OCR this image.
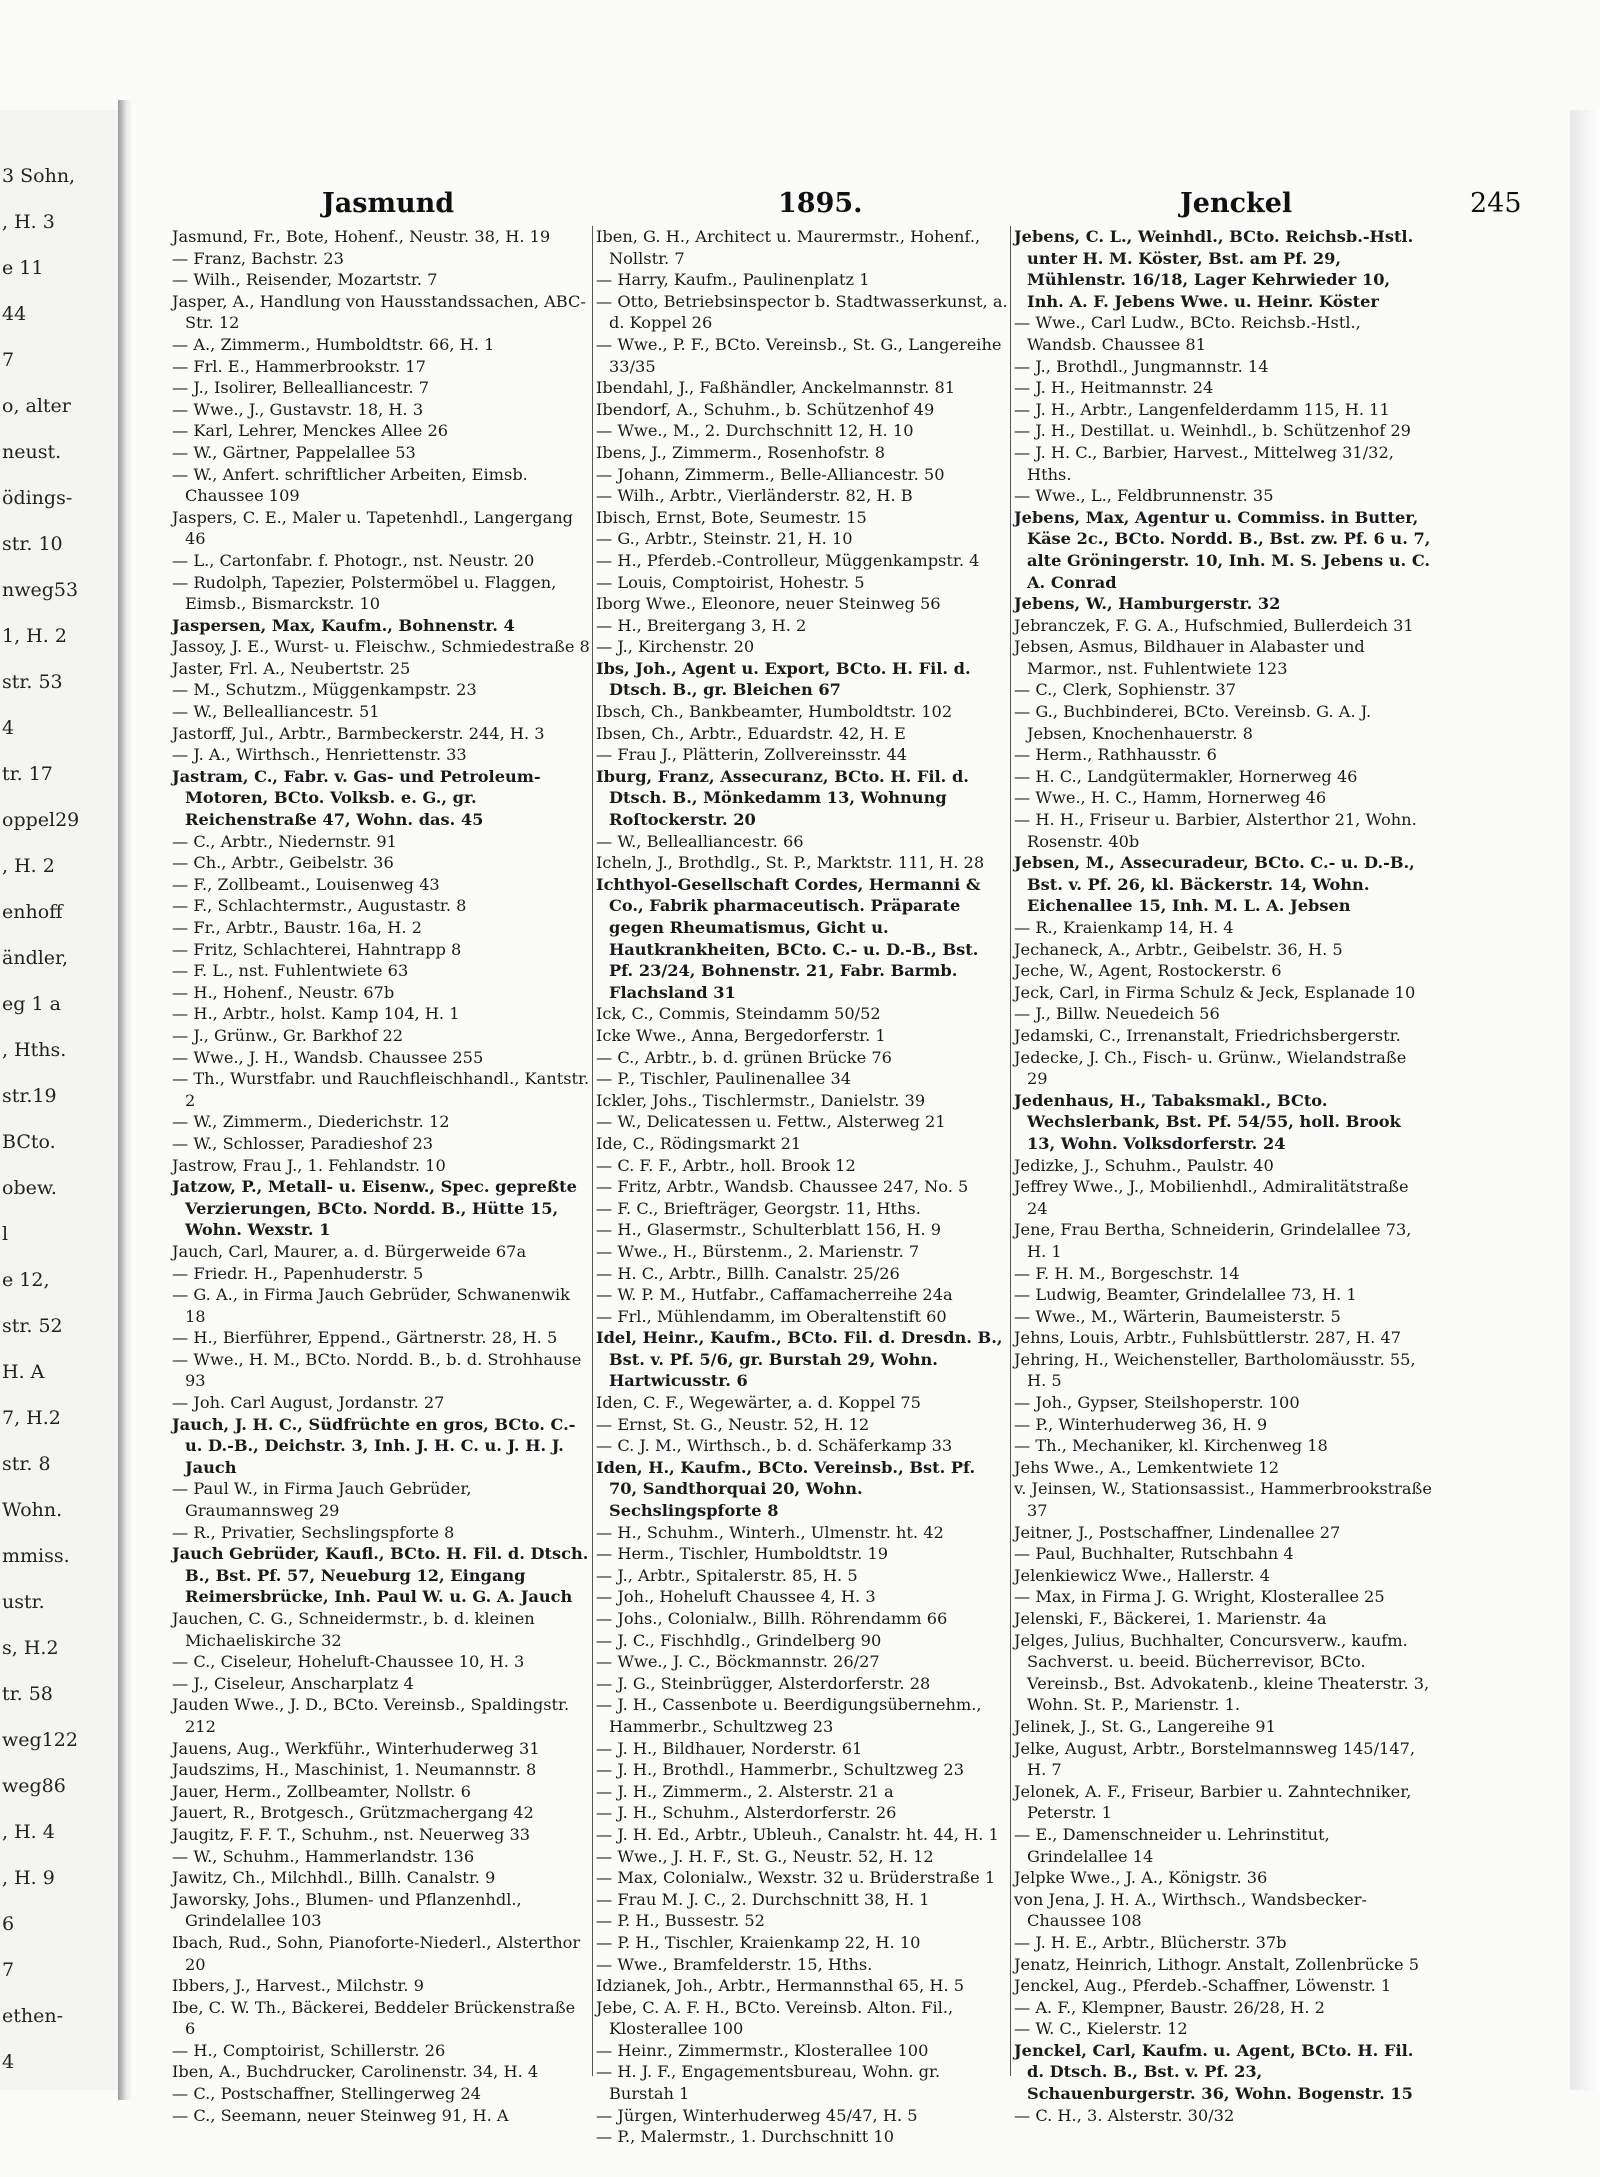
3 Sohn,
, H. 3
e 11
44
7
o, alter
neust.
ödings-
str. 10
nweg53
1, H. 2
str. 53
4
tr. 17
oppel29
, H. 2
enhoff
ändler,
eg 1 a
, Hths.
str.19
BCto.
obew.
l
e 12,
str. 52
H. A
7, H.2
str. 8
Wohn.
mmiss.
ustr.
s, H.2
tr. 58
weg122
weg86
, H. 4
, H. 9
6
7
ethen-
4
Jasmund	1895.	Jenckel	245

Jasmund, Fr., Bote, Hohenf., Neustr. 38, H. 19

— Franz, Bachstr. 23

— Wilh., Reisender, Mozartstr. 7

Jasper, A., Handlung von Hausstandssachen, ABC-Str. 12

— A., Zimmerm., Humboldtstr. 66, H. 1

— Frl. E., Hammerbrookstr. 17

— J., Isolirer, Bellealliancestr. 7

— Wwe., J., Gustavstr. 18, H. 3

— Karl, Lehrer, Menckes Allee 26

— W., Gärtner, Pappelallee 53

— W., Anfert. schriftlicher Arbeiten, Eimsb. Chaussee 109

Jaspers, C. E., Maler u. Tapetenhdl., Langergang 46

— L., Cartonfabr. f. Photogr., nst. Neustr. 20

— Rudolph, Tapezier, Polstermöbel u. Flaggen, Eimsb., Bismarckstr. 10

Jaspersen, Max, Kaufm., Bohnenstr. 4

Jassoy, J. E., Wurst- u. Fleischw., Schmiedestraße 8

Jaster, Frl. A., Neubertstr. 25

— M., Schutzm., Müggenkampstr. 23

— W., Bellealliancestr. 51

Jastorff, Jul., Arbtr., Barmbeckerstr. 244, H. 3

— J. A., Wirthsch., Henriettenstr. 33

Jastram, C., Fabr. v. Gas- und Petroleum-Motoren, BCto. Volksb. e. G., gr. Reichenstraße 47, Wohn. das. 45

— C., Arbtr., Niedernstr. 91

— Ch., Arbtr., Geibelstr. 36

— F., Zollbeamt., Louisenweg 43

— F., Schlachtermstr., Augustastr. 8

— Fr., Arbtr., Baustr. 16a, H. 2

— Fritz, Schlachterei, Hahntrapp 8

— F. L., nst. Fuhlentwiete 63

— H., Hohenf., Neustr. 67b

— H., Arbtr., holst. Kamp 104, H. 1

— J., Grünw., Gr. Barkhof 22

— Wwe., J. H., Wandsb. Chaussee 255

— Th., Wurstfabr. und Rauchfleischhandl., Kantstr. 2

— W., Zimmerm., Diederichstr. 12

— W., Schlosser, Paradieshof 23

Jastrow, Frau J., 1. Fehlandstr. 10

Jatzow, P., Metall- u. Eisenw., Spec. gepreßte Verzierungen, BCto. Nordd. B., Hütte 15, Wohn. Wexstr. 1

Jauch, Carl, Maurer, a. d. Bürgerweide 67a

— Friedr. H., Papenhuderstr. 5

— G. A., in Firma Jauch Gebrüder, Schwanenwik 18

— H., Bierführer, Eppend., Gärtnerstr. 28, H. 5

— Wwe., H. M., BCto. Nordd. B., b. d. Strohhause 93

— Joh. Carl August, Jordanstr. 27

Jauch, J. H. C., Südfrüchte en gros, BCto. C.- u. D.-B., Deichstr. 3, Inh. J. H. C. u. J. H. J. Jauch

— Paul W., in Firma Jauch Gebrüder, Graumannsweg 29

— R., Privatier, Sechslingspforte 8

Jauch Gebrüder, Kaufl., BCto. H. Fil. d. Dtsch. B., Bst. Pf. 57, Neueburg 12, Eingang Reimersbrücke, Inh. Paul W. u. G. A. Jauch

Jauchen, C. G., Schneidermstr., b. d. kleinen Michaeliskirche 32

— C., Ciseleur, Hoheluft-Chaussee 10, H. 3

— J., Ciseleur, Anscharplatz 4

Jauden Wwe., J. D., BCto. Vereinsb., Spaldingstr. 212

Jauens, Aug., Werkführ., Winterhuderweg 31

Jaudszims, H., Maschinist, 1. Neumannstr. 8

Jauer, Herm., Zollbeamter, Nollstr. 6

Jauert, R., Brotgesch., Grützmachergang 42

Jaugitz, F. F. T., Schuhm., nst. Neuerweg 33

— W., Schuhm., Hammerlandstr. 136

Jawitz, Ch., Milchhdl., Billh. Canalstr. 9

Jaworsky, Johs., Blumen- und Pflanzenhdl., Grindelallee 103

Ibach, Rud., Sohn, Pianoforte-Niederl., Alsterthor 20

Ibbers, J., Harvest., Milchstr. 9

Ibe, C. W. Th., Bäckerei, Beddeler Brückenstraße 6

— H., Comptoirist, Schillerstr. 26

Iben, A., Buchdrucker, Carolinenstr. 34, H. 4

— C., Postschaffner, Stellingerweg 24

— C., Seemann, neuer Steinweg 91, H. A

Iben, G. H., Architect u. Maurermstr., Hohenf., Nollstr. 7

— Harry, Kaufm., Paulinenplatz 1

— Otto, Betriebsinspector b. Stadtwasserkunst, a. d. Koppel 26

— Wwe., P. F., BCto. Vereinsb., St. G., Langereihe 33/35

Ibendahl, J., Faßhändler, Anckelmannstr. 81

Ibendorf, A., Schuhm., b. Schützenhof 49

— Wwe., M., 2. Durchschnitt 12, H. 10

Ibens, J., Zimmerm., Rosenhofstr. 8

— Johann, Zimmerm., Belle-Alliancestr. 50

— Wilh., Arbtr., Vierländerstr. 82, H. B

Ibisch, Ernst, Bote, Seumestr. 15

— G., Arbtr., Steinstr. 21, H. 10

— H., Pferdeb.-Controlleur, Müggenkampstr. 4

— Louis, Comptoirist, Hohestr. 5

Iborg Wwe., Eleonore, neuer Steinweg 56

— H., Breitergang 3, H. 2

— J., Kirchenstr. 20

Ibs, Joh., Agent u. Export, BCto. H. Fil. d. Dtsch. B., gr. Bleichen 67

Ibsch, Ch., Bankbeamter, Humboldtstr. 102

Ibsen, Ch., Arbtr., Eduardstr. 42, H. E

— Frau J., Plätterin, Zollvereinsstr. 44

Iburg, Franz, Assecuranz, BCto. H. Fil. d. Dtsch. B., Mönkedamm 13, Wohnung Roſtockerstr. 20

— W., Bellealliancestr. 66

Icheln, J., Brothdlg., St. P., Marktstr. 111, H. 28

Ichthyol-Gesellschaft Cordes, Hermanni & Co., Fabrik pharmaceutisch. Präparate gegen Rheumatismus, Gicht u. Hautkrankheiten, BCto. C.- u. D.-B., Bst. Pf. 23/24, Bohnenstr. 21, Fabr. Barmb. Flachsland 31

Ick, C., Commis, Steindamm 50/52

Icke Wwe., Anna, Bergedorferstr. 1

— C., Arbtr., b. d. grünen Brücke 76

— P., Tischler, Paulinenallee 34

Ickler, Johs., Tischlermstr., Danielstr. 39

— W., Delicatessen u. Fettw., Alsterweg 21

Ide, C., Rödingsmarkt 21

— C. F. F., Arbtr., holl. Brook 12

— Fritz, Arbtr., Wandsb. Chaussee 247, No. 5

— F. C., Briefträger, Georgstr. 11, Hths.

— H., Glasermstr., Schulterblatt 156, H. 9

— Wwe., H., Bürstenm., 2. Marienstr. 7

— H. C., Arbtr., Billh. Canalstr. 25/26

— W. P. M., Hutfabr., Caffamacherreihe 24a

— Frl., Mühlendamm, im Oberaltenstift 60

Idel, Heinr., Kaufm., BCto. Fil. d. Dresdn. B., Bst. v. Pf. 5/6, gr. Burstah 29, Wohn. Hartwicusstr. 6

Iden, C. F., Wegewärter, a. d. Koppel 75

— Ernst, St. G., Neustr. 52, H. 12

— C. J. M., Wirthsch., b. d. Schäferkamp 33

Iden, H., Kaufm., BCto. Vereinsb., Bst. Pf. 70, Sandthorquai 20, Wohn. Sechslingspforte 8

— H., Schuhm., Winterh., Ulmenstr. ht. 42

— Herm., Tischler, Humboldtstr. 19

— J., Arbtr., Spitalerstr. 85, H. 5

— Joh., Hoheluft Chaussee 4, H. 3

— Johs., Colonialw., Billh. Röhrendamm 66

— J. C., Fischhdlg., Grindelberg 90

— Wwe., J. C., Böckmannstr. 26/27

— J. G., Steinbrügger, Alsterdorferstr. 28

— J. H., Cassenbote u. Beerdigungsübernehm., Hammerbr., Schultzweg 23

— J. H., Bildhauer, Norderstr. 61

— J. H., Brothdl., Hammerbr., Schultzweg 23

— J. H., Zimmerm., 2. Alsterstr. 21 a

— J. H., Schuhm., Alsterdorferstr. 26

— J. H. Ed., Arbtr., Ubleuh., Canalstr. ht. 44, H. 1

— Wwe., J. H. F., St. G., Neustr. 52, H. 12

— Max, Colonialw., Wexstr. 32 u. Brüderstraße 1

— Frau M. J. C., 2. Durchschnitt 38, H. 1

— P. H., Bussestr. 52

— P. H., Tischler, Kraienkamp 22, H. 10

— Wwe., Bramfelderstr. 15, Hths.

Idzianek, Joh., Arbtr., Hermannsthal 65, H. 5

Jebe, C. A. F. H., BCto. Vereinsb. Alton. Fil., Klosterallee 100

— Heinr., Zimmermstr., Klosterallee 100

— H. J. F., Engagementsbureau, Wohn. gr. Burstah 1

— Jürgen, Winterhuderweg 45/47, H. 5

— P., Malermstr., 1. Durchschnitt 10

Jebens, C. L., Weinhdl., BCto. Reichsb.-Hstl. unter H. M. Köster, Bst. am Pf. 29, Mühlenstr. 16/18, Lager Kehrwieder 10, Inh. A. F. Jebens Wwe. u. Heinr. Köster

— Wwe., Carl Ludw., BCto. Reichsb.-Hstl., Wandsb. Chaussee 81

— J., Brothdl., Jungmannstr. 14

— J. H., Heitmannstr. 24

— J. H., Arbtr., Langenfelderdamm 115, H. 11

— J. H., Destillat. u. Weinhdl., b. Schützenhof 29

— J. H. C., Barbier, Harvest., Mittelweg 31/32, Hths.

— Wwe., L., Feldbrunnenstr. 35

Jebens, Max, Agentur u. Commiss. in Butter, Käse 2c., BCto. Nordd. B., Bst. zw. Pf. 6 u. 7, alte Gröningerstr. 10, Inh. M. S. Jebens u. C. A. Conrad

Jebens, W., Hamburgerstr. 32

Jebranczek, F. G. A., Hufschmied, Bullerdeich 31

Jebsen, Asmus, Bildhauer in Alabaster und Marmor., nst. Fuhlentwiete 123

— C., Clerk, Sophienstr. 37

— G., Buchbinderei, BCto. Vereinsb. G. A. J. Jebsen, Knochenhauerstr. 8

— Herm., Rathhausstr. 6

— H. C., Landgütermakler, Hornerweg 46

— Wwe., H. C., Hamm, Hornerweg 46

— H. H., Friseur u. Barbier, Alsterthor 21, Wohn. Rosenstr. 40b

Jebsen, M., Assecuradeur, BCto. C.- u. D.-B., Bst. v. Pf. 26, kl. Bäckerstr. 14, Wohn. Eichenallee 15, Inh. M. L. A. Jebsen

— R., Kraienkamp 14, H. 4

Jechaneck, A., Arbtr., Geibelstr. 36, H. 5

Jeche, W., Agent, Rostockerstr. 6

Jeck, Carl, in Firma Schulz & Jeck, Esplanade 10

— J., Billw. Neuedeich 56

Jedamski, C., Irrenanstalt, Friedrichsbergerstr.

Jedecke, J. Ch., Fisch- u. Grünw., Wielandstraße 29

Jedenhaus, H., Tabaksmakl., BCto. Wechslerbank, Bst. Pf. 54/55, holl. Brook 13, Wohn. Volksdorferstr. 24

Jedizke, J., Schuhm., Paulstr. 40

Jeffrey Wwe., J., Mobilienhdl., Admiralitätstraße 24

Jene, Frau Bertha, Schneiderin, Grindelallee 73, H. 1

— F. H. M., Borgeschstr. 14

— Ludwig, Beamter, Grindelallee 73, H. 1

— Wwe., M., Wärterin, Baumeisterstr. 5

Jehns, Louis, Arbtr., Fuhlsbüttlerstr. 287, H. 47

Jehring, H., Weichensteller, Bartholomäusstr. 55, H. 5

— Joh., Gypser, Steilshoperstr. 100

— P., Winterhuderweg 36, H. 9

— Th., Mechaniker, kl. Kirchenweg 18

Jehs Wwe., A., Lemkentwiete 12

v. Jeinsen, W., Stationsassist., Hammerbrookstraße 37

Jeitner, J., Postschaffner, Lindenallee 27

— Paul, Buchhalter, Rutschbahn 4

Jelenkiewicz Wwe., Hallerstr. 4

— Max, in Firma J. G. Wright, Klosterallee 25

Jelenski, F., Bäckerei, 1. Marienstr. 4a

Jelges, Julius, Buchhalter, Concursverw., kaufm. Sachverst. u. beeid. Bücherrevisor, BCto. Vereinsb., Bst. Advokatenb., kleine Theaterstr. 3, Wohn. St. P., Marienstr. 1.

Jelinek, J., St. G., Langereihe 91

Jelke, August, Arbtr., Borstelmannsweg 145/147, H. 7

Jelonek, A. F., Friseur, Barbier u. Zahntechniker, Peterstr. 1

— E., Damenschneider u. Lehrinstitut, Grindelallee 14

Jelpke Wwe., J. A., Königstr. 36

von Jena, J. H. A., Wirthsch., Wandsbecker-Chaussee 108

— J. H. E., Arbtr., Blücherstr. 37b

Jenatz, Heinrich, Lithogr. Anstalt, Zollenbrücke 5

Jenckel, Aug., Pferdeb.-Schaffner, Löwenstr. 1

— A. F., Klempner, Baustr. 26/28, H. 2

— W. C., Kielerstr. 12

Jenckel, Carl, Kaufm. u. Agent, BCto. H. Fil. d. Dtsch. B., Bst. v. Pf. 23, Schauenburgerstr. 36, Wohn. Bogenstr. 15

— C. H., 3. Alsterstr. 30/32
